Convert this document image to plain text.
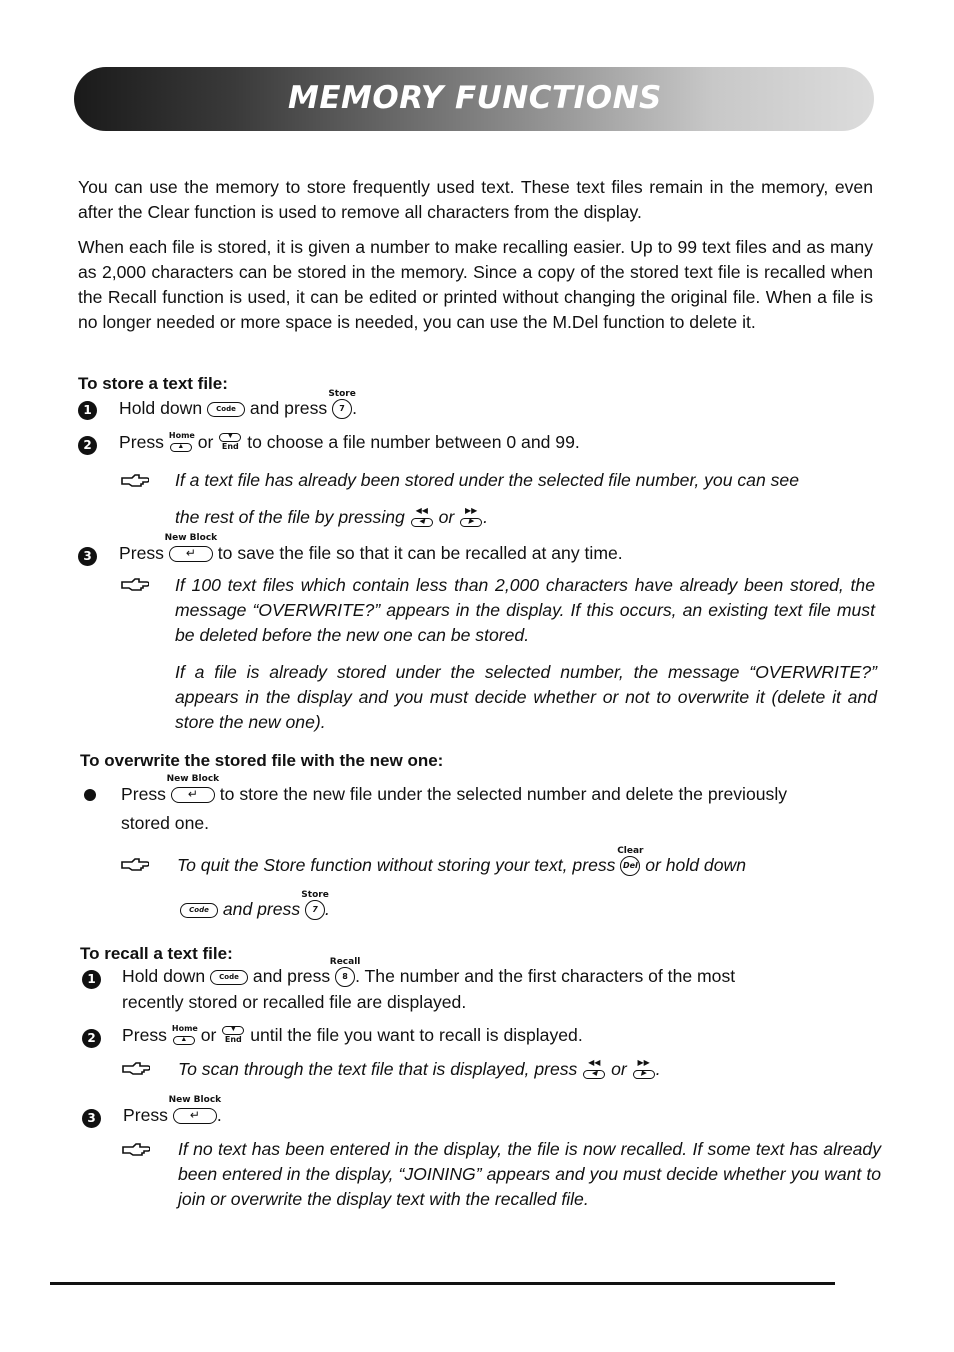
MEMORY FUNCTIONS

You can use the memory to store frequently used text. These text files remain in the memory, even after the Clear function is used to remove all characters from the display.

When each file is stored, it is given a number to make recalling easier. Up to 99 text files and as many as 2,000 characters can be stored in the memory. Since a copy of the stored text file is recalled when the Recall function is used, it can be edited or printed without changing the original file. When a file is no longer needed or more space is needed, you can use the M.Del function to delete it.

To store a text file:
1	Hold down Code and press
Store
7 .
2	Press Home
▲ or	▼
End to choose a file number between 0 and 99.
If a text file has already been stored under the selected file number, you can see
the rest of the file by pressing	◀◀
◀ or	▶▶
▶ .
3	Press
New Block
↵ to save the file so that it can be recalled at any time.
If 100 text files which contain less than 2,000 characters have already been stored, the message “OVERWRITE?” appears in the display. If this occurs, an existing text file must be deleted before the new one can be stored.
If a file is already stored under the selected number, the message “OVERWRITE?” appears in the display and you must decide whether or not to overwrite it (delete it and store the new one).
To overwrite the stored file with the new one:
Press
New Block
↵ to store the new file under the selected number and delete the previously
stored one.
To quit the Store function without storing your text, press
Clear
Del or hold down
Code and press
Store
7 .
To recall a text file:
1	Hold down Code and press
Recall
8 . The number and the first characters of the most
recently stored or recalled file are displayed.
2	Press Home
▲ or	▼
End until the file you want to recall is displayed.
To scan through the text file that is displayed, press	◀◀
◀ or	▶▶
▶ .
3	Press
New Block
↵ .
If no text has been entered in the display, the file is now recalled. If some text has already been entered in the display, “JOINING” appears and you must decide whether you want to join or overwrite the display text with the recalled file.
